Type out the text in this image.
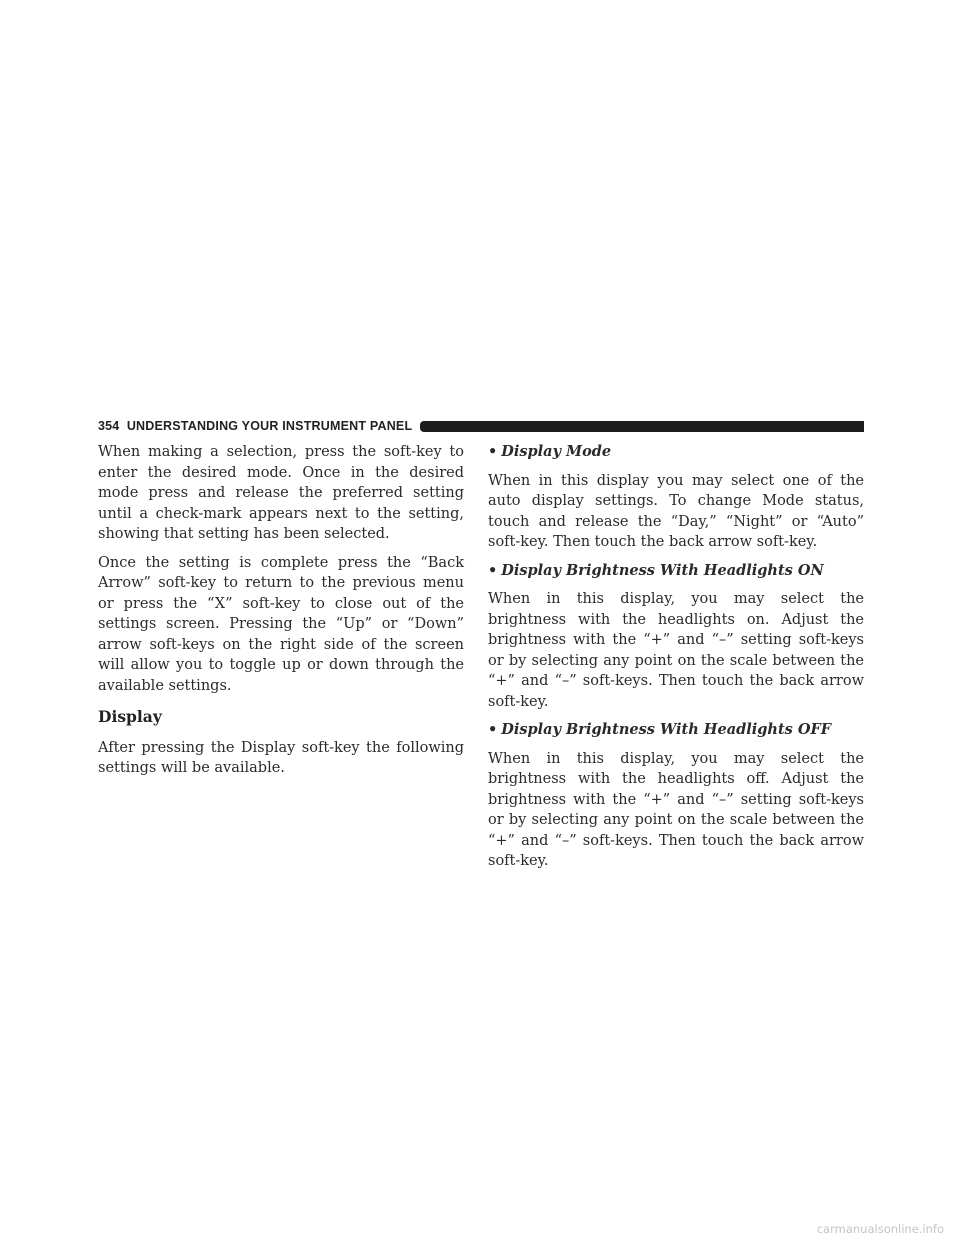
354 UNDERSTANDING YOUR INSTRUMENT PANEL

When making a selection, press the soft-key to enter the desired mode. Once in the desired mode press and release the preferred setting until a check-mark appears next to the setting, showing that setting has been selected.

Once the setting is complete press the “Back Arrow” soft-key to return to the previous menu or press the “X” soft-key to close out of the settings screen. Pressing the “Up” or “Down” arrow soft-keys on the right side of the screen will allow you to toggle up or down through the available settings.

Display

After pressing the Display soft-key the following settings will be available.

• Display Mode

When in this display you may select one of the auto display settings. To change Mode status, touch and release the “Day,” “Night” or “Auto” soft-key. Then touch the back arrow soft-key.

• Display Brightness With Headlights ON

When in this display, you may select the brightness with the headlights on. Adjust the brightness with the “+” and “–” setting soft-keys or by selecting any point on the scale between the “+” and “–” soft-keys. Then touch the back arrow soft-key.

• Display Brightness With Headlights OFF

When in this display, you may select the brightness with the headlights off. Adjust the brightness with the “+” and “–” setting soft-keys or by selecting any point on the scale between the “+” and “–” soft-keys. Then touch the back arrow soft-key.

carmanualsonline.info
